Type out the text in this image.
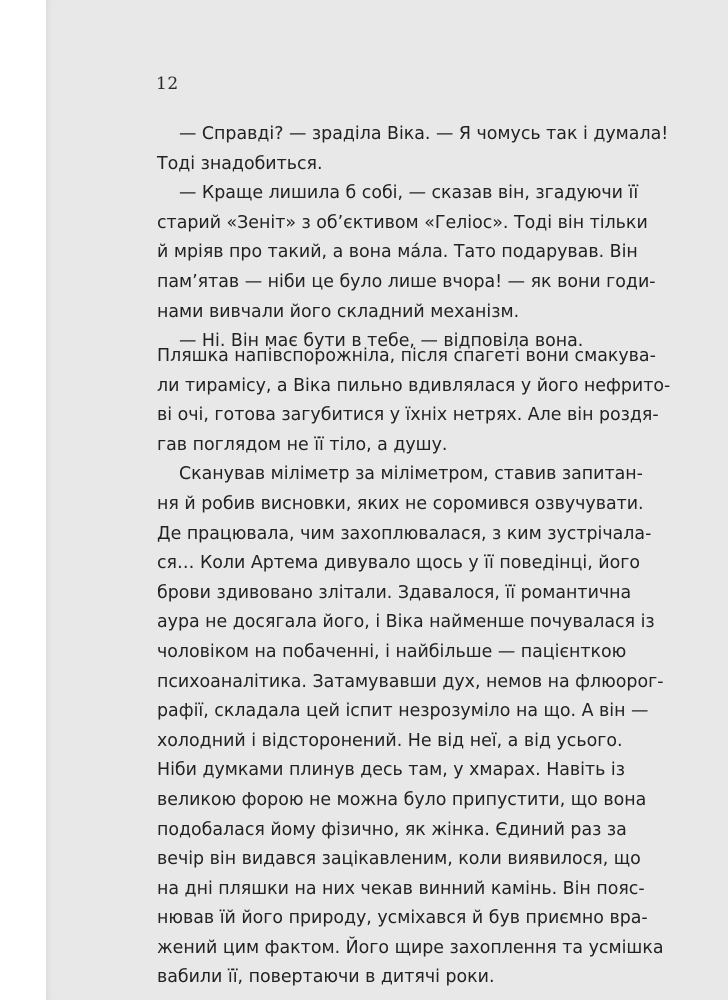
12
— Справді? — зраділа Віка. — Я чомусь так і думала!
Тоді знадобиться.
— Краще лишила б собі, — сказав він, згадуючи її
старий «Зеніт» з об’єктивом «Геліос». Тоді він тільки
й мріяв про такий, а вона ма́ла. Тато подарував. Він
пам’ятав — ніби це було лише вчора! — як вони годи-
нами вивчали його складний механізм.
— Ні. Він має бути в тебе, — відповіла вона.
Пляшка напівспорожніла, після спагеті вони смакува-
ли тирамісу, а Віка пильно вдивлялася у його нефрито-
ві очі, готова загубитися у їхніх нетрях. Але він роздя-
гав поглядом не її тіло, а душу.
Сканував міліметр за міліметром, ставив запитан-
ня й робив висновки, яких не соромився озвучувати.
Де працювала, чим захоплювалася, з ким зустрічала-
ся… Коли Артема дивувало щось у її поведінці, його
брови здивовано злітали. Здавалося, її романтична
аура не досягала його, і Віка найменше почувалася із
чоловіком на побаченні, і найбільше — пацієнткою
психоаналітика. Затамувавши дух, немов на флюорог-
рафії, складала цей іспит незрозуміло на що. А він —
холодний і відсторонений. Не від неї, а від усього.
Ніби думками плинув десь там, у хмарах. Навіть із
великою форою не можна було припустити, що вона
подобалася йому фізично, як жінка. Єдиний раз за
вечір він видався зацікавленим, коли виявилося, що
на дні пляшки на них чекав винний камінь. Він пояс-
нював їй його природу, усміхався й був приємно вра-
жений цим фактом. Його щире захоплення та усмішка
вабили її, повертаючи в дитячі роки.
